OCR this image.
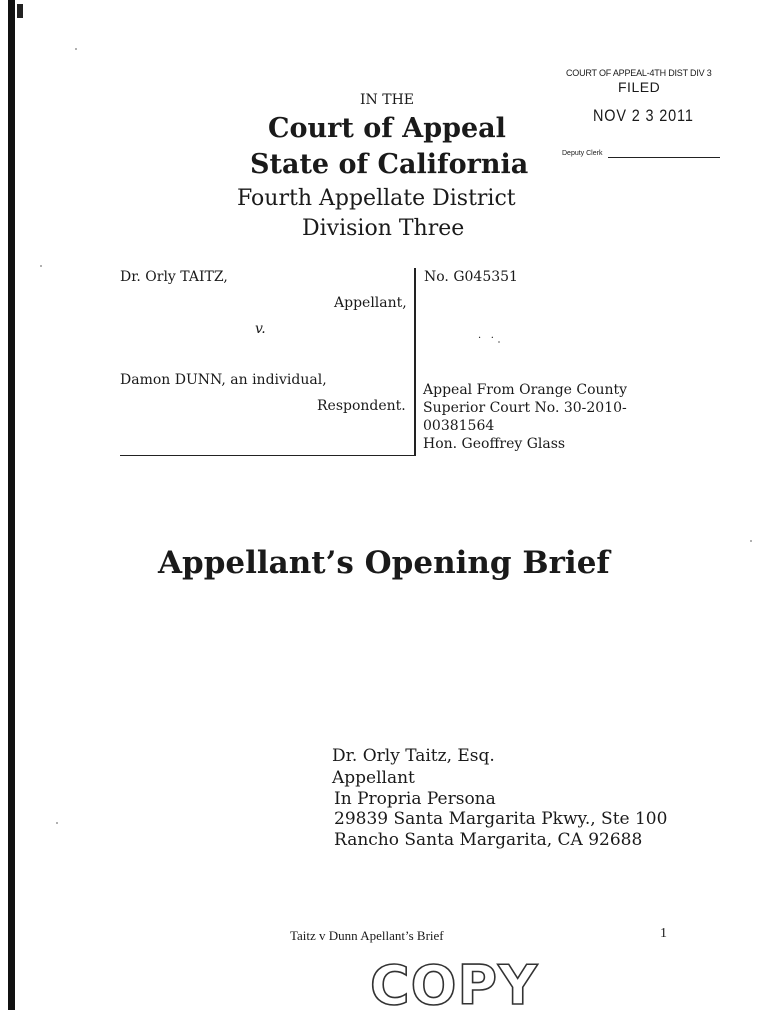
COURT OF APPEAL-4TH DIST DIV 3
FILED
NOV 2 3 2011
Deputy Clerk
IN THE
Court of Appeal
State of California
Fourth Appellate District
Division Three
Dr. Orly TAITZ,
Appellant,
v.
Damon DUNN, an individual,
Respondent.
No. G045351
·   ·
Appeal From Orange County
Superior Court No. 30-2010-
00381564
Hon. Geoffrey Glass
Appellant’s Opening Brief
Dr. Orly Taitz, Esq.
Appellant
In Propria Persona
29839 Santa Margarita Pkwy., Ste 100
Rancho Santa Margarita, CA 92688
Taitz v Dunn Apellant’s Brief	1
COPY
